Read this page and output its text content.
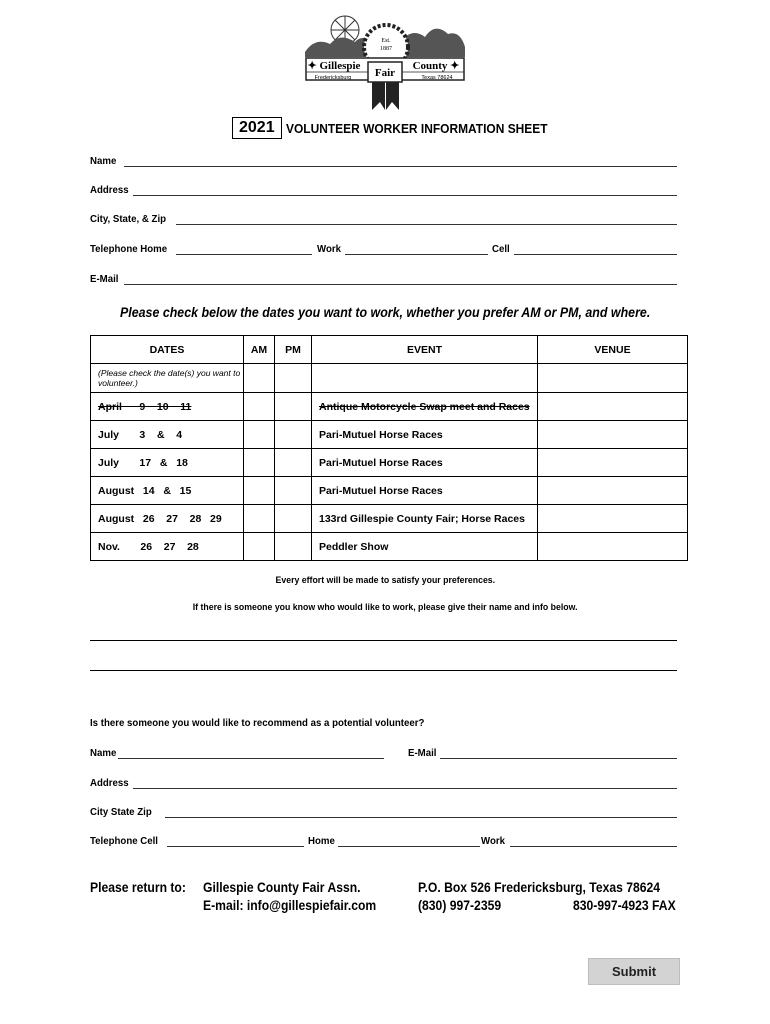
Est.
1887
✦ Gillespie	County ✦
Fredericksburg	Texas 78624
Fair
2021 VOLUNTEER WORKER INFORMATION SHEET
Name
Address
City, State, & Zip
Telephone Home	Work	Cell
E-Mail
Please check below the dates you want to work, whether you prefer AM or PM, and where.
DATES	AM	PM	EVENT	VENUE

(Please check the date(s) you want to volunteer.)				

April      9    10    11			Antique Motorcycle Swap meet and Races	
July       3    &    4			Pari-Mutuel Horse Races	
July       17   &   18			Pari-Mutuel Horse Races	
August   14   &   15			Pari-Mutuel Horse Races	
August   26    27    28   29			133rd Gillespie County Fair; Horse Races	
Nov.       26    27    28			Peddler Show	
Every effort will be made to satisfy your preferences.
If there is someone you know who would like to work, please give their name and info below.
Is there someone you would like to recommend as a potential volunteer?
Name	E-Mail
Address
City State Zip
Telephone Cell	Home	Work
Please return to: Gillespie County Fair Assn.
E-mail: info@gillespiefair.com
P.O. Box 526 Fredericksburg, Texas 78624
(830) 997-2359	830-997-4923 FAX
Submit
